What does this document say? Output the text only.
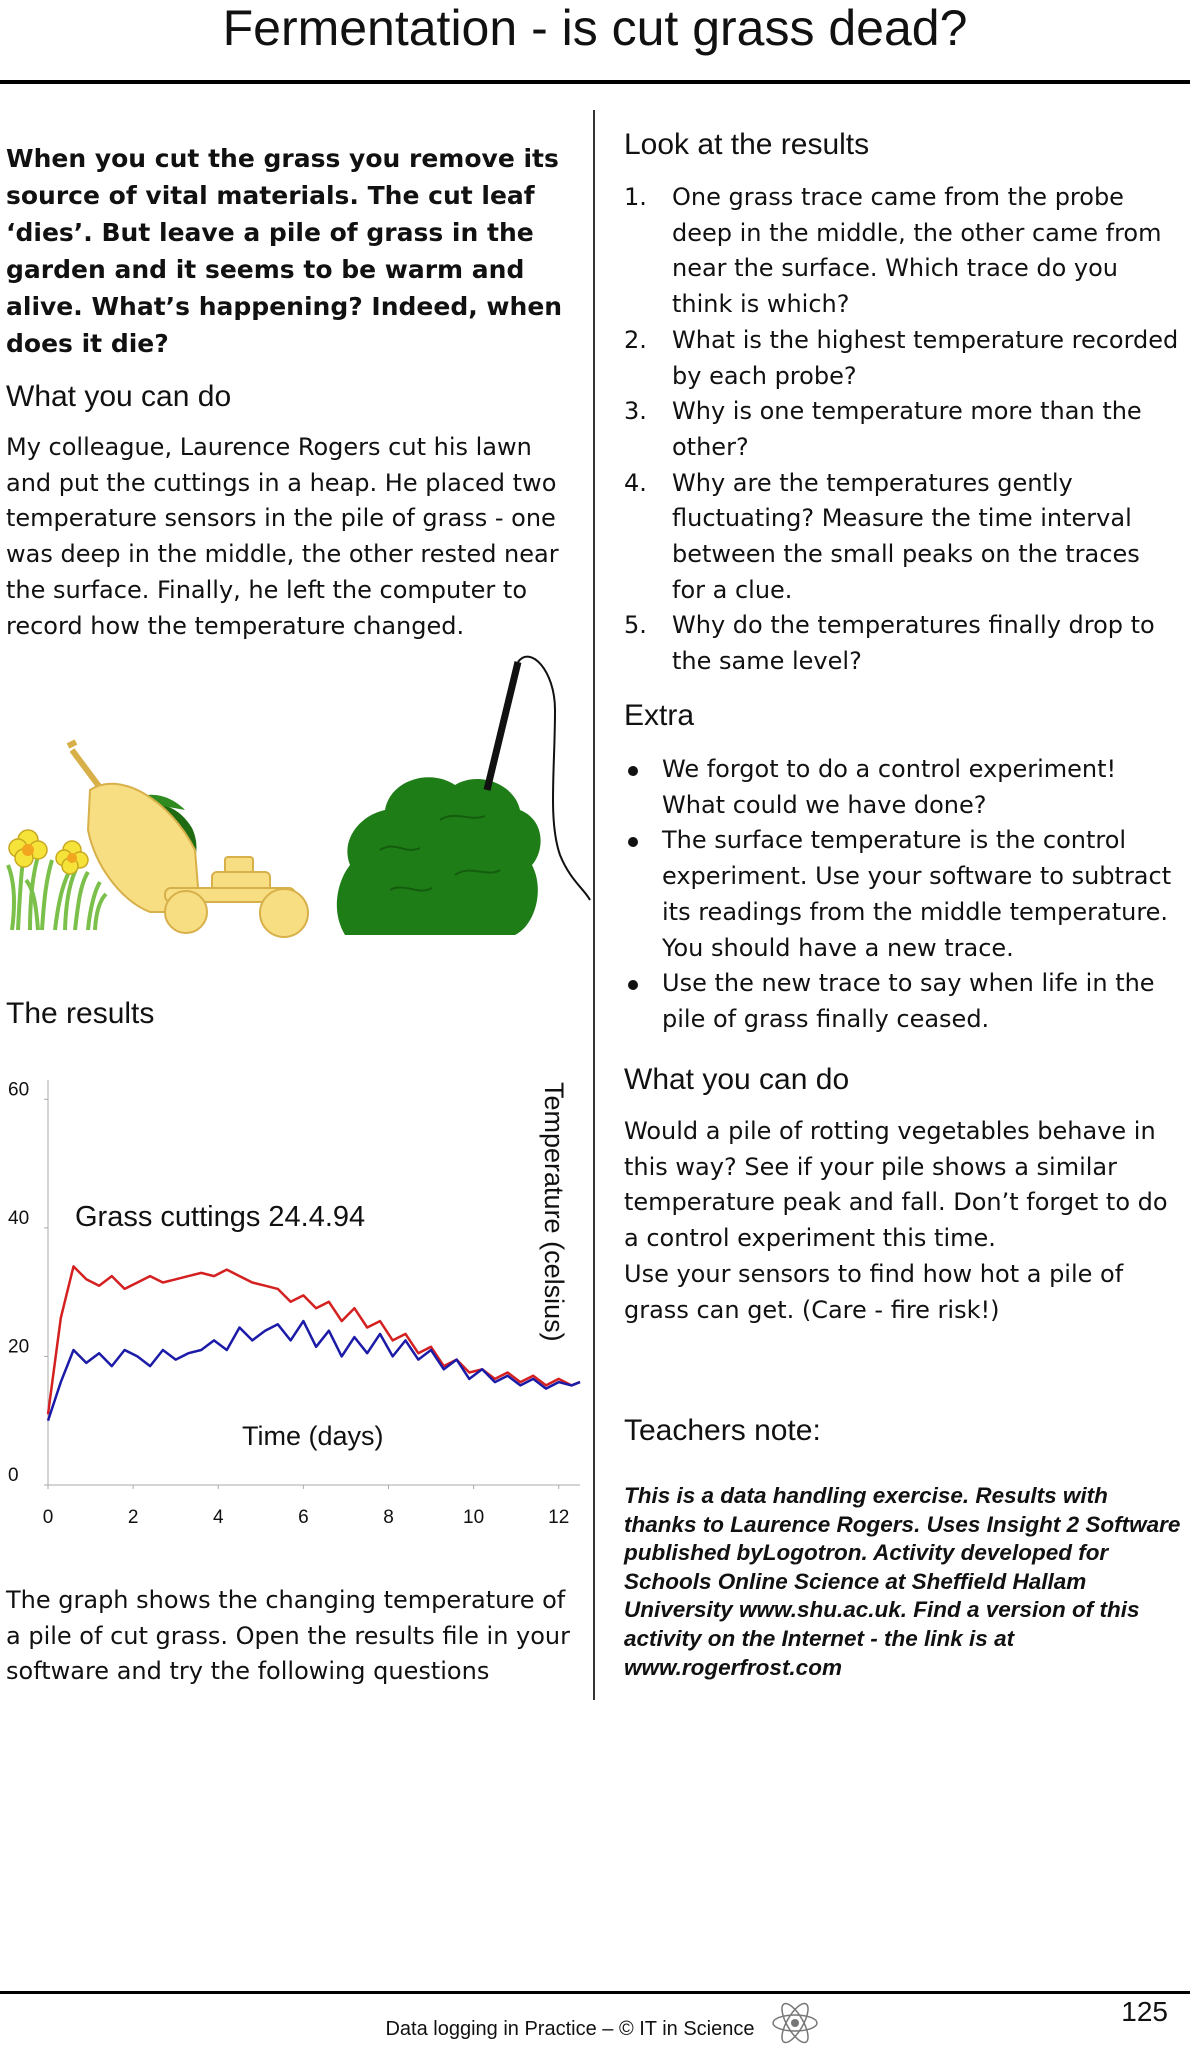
Fermentation - is cut grass dead?
When you cut the grass you remove its source of vital materials. The cut leaf ‘dies’. But leave a pile of grass in the garden and it seems to be warm and alive. What’s happening? Indeed, when does it die?
What you can do
My colleague, Laurence Rogers cut his lawn and put the cuttings in a heap. He placed two temperature sensors in the pile of grass - one was deep in the middle, the other rested near the surface. Finally, he left the computer to record how the temperature changed.
The results
0
20
40
60
0	2	4	6	8	10	12
Grass cuttings 24.4.94
Time (days)
Temperature (celsius)
The graph shows the changing temperature of a pile of cut grass. Open the results file in your software and try the following questions
Look at the results
1. One grass trace came from the probe deep in the middle, the other came from near the surface. Which trace do you think is which?
2. What is the highest temperature recorded by each probe?
3. Why is one temperature more than the other?
4. Why are the temperatures gently fluctuating? Measure the time interval between the small peaks on the traces for a clue.
5. Why do the temperatures finally drop to the same level?
Extra
We forgot to do a control experiment! What could we have done?
The surface temperature is the control experiment. Use your software to subtract its readings from the middle temperature. You should have a new trace.
Use the new trace to say when life in the pile of grass finally ceased.
What you can do
Would a pile of rotting vegetables behave in this way? See if your pile shows a similar temperature peak and fall. Don’t forget to do a control experiment this time.
Use your sensors to find how hot a pile of grass can get. (Care - fire risk!)
Teachers note:
This is a data handling exercise. Results with thanks to Laurence Rogers. Uses Insight 2 Software published byLogotron. Activity developed for Schools Online Science at Sheffield Hallam University www.shu.ac.uk. Find a version of this activity on the Internet - the link is at www.rogerfrost.com
125
Data logging in Practice – © IT in Science
